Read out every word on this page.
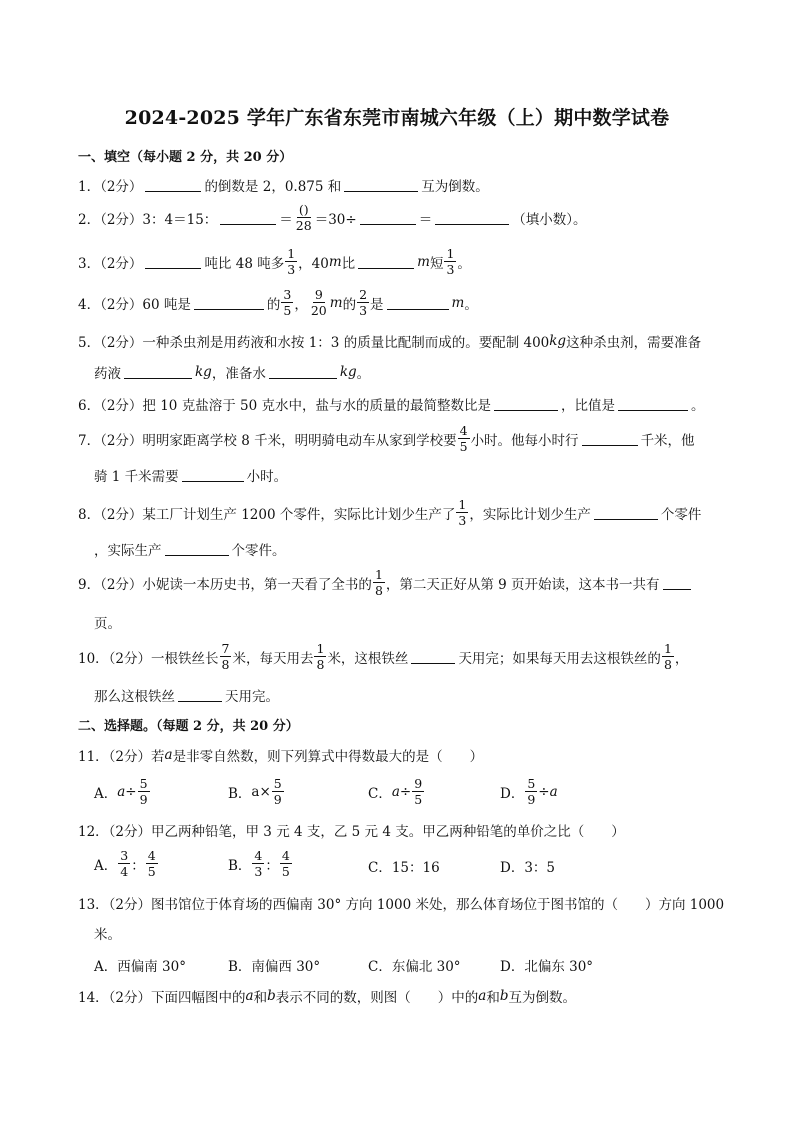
2024-2025 学年广东省东莞市南城六年级（上）期中数学试卷
一、填空（每小题 2 分，共 20 分）
1．（2分）	的倒数是 2，0.875 和	互为倒数。
2．（2分）3：4＝15：	＝ $\frac{()}{28} =30\div$	＝	（填小数）。
3．（2分）	吨比 48 吨多 $\frac{1}{3}$ ，40 m 比	m 短 $\frac{1}{3}$ 。
4．（2分）60 吨是	的 $\frac{3}{5}$ ， $\frac{9}{20}$ m 的 $\frac{2}{3}$ 是	m 。
5．（2分）一种杀虫剂是用药液和水按 1：3 的质量比配制而成的。要配制 400 kg 这种杀虫剂，需要准备
药液	kg ，准备水	kg 。
6．（2分）把 10 克盐溶于 50 克水中，盐与水的质量的最简整数比是	，比值是	。
7．（2分）明明家距离学校 8 千米，明明骑电动车从家到学校要 $\frac{4}{5}$ 小时。他每小时行	千米，他
骑 1 千米需要	小时。
8．（2分）某工厂计划生产 1200 个零件，实际比计划少生产了 $\frac{1}{3}$ ，实际比计划少生产	个零件
，实际生产	个零件。
9．（2分）小妮读一本历史书，第一天看了全书的 $\frac{1}{8}$ ，第二天正好从第 9 页开始读，这本书一共有
页。
10．（2分）一根铁丝长 $\frac{7}{8}$ 米，每天用去 $\frac{1}{8}$ 米，这根铁丝	天用完；如果每天用去这根铁丝的 $\frac{1}{8}$ ，
那么这根铁丝	天用完。
二、选择题。（每题 2 分，共 20 分）
11．（2分）若 a 是非零自然数，则下列算式中得数最大的是（　　）
A． $a\div \frac{5}{9}$	B． $a\times \frac{5}{9}$	C． $a\div \frac{9}{5}$	D． $\frac{5}{9} \div a$
12．（2分）甲乙两种铅笔，甲 3 元 4 支，乙 5 元 4 支。甲乙两种铅笔的单价之比（　　）
A． $\frac{3}{4}$ ： $\frac{4}{5}$	B． $\frac{4}{3}$ ： $\frac{4}{5}$	C．15：16	D．3：5
13．（2分）图书馆位于体育场的西偏南 30° 方向 1000 米处，那么体育场位于图书馆的（　　）方向 1000
米。
A．西偏南 30°	B．南偏西 30°	C．东偏北 30°	D．北偏东 30°
14．（2分）下面四幅图中的 a 和 b 表示不同的数，则图（　　）中的 a 和 b 互为倒数。
